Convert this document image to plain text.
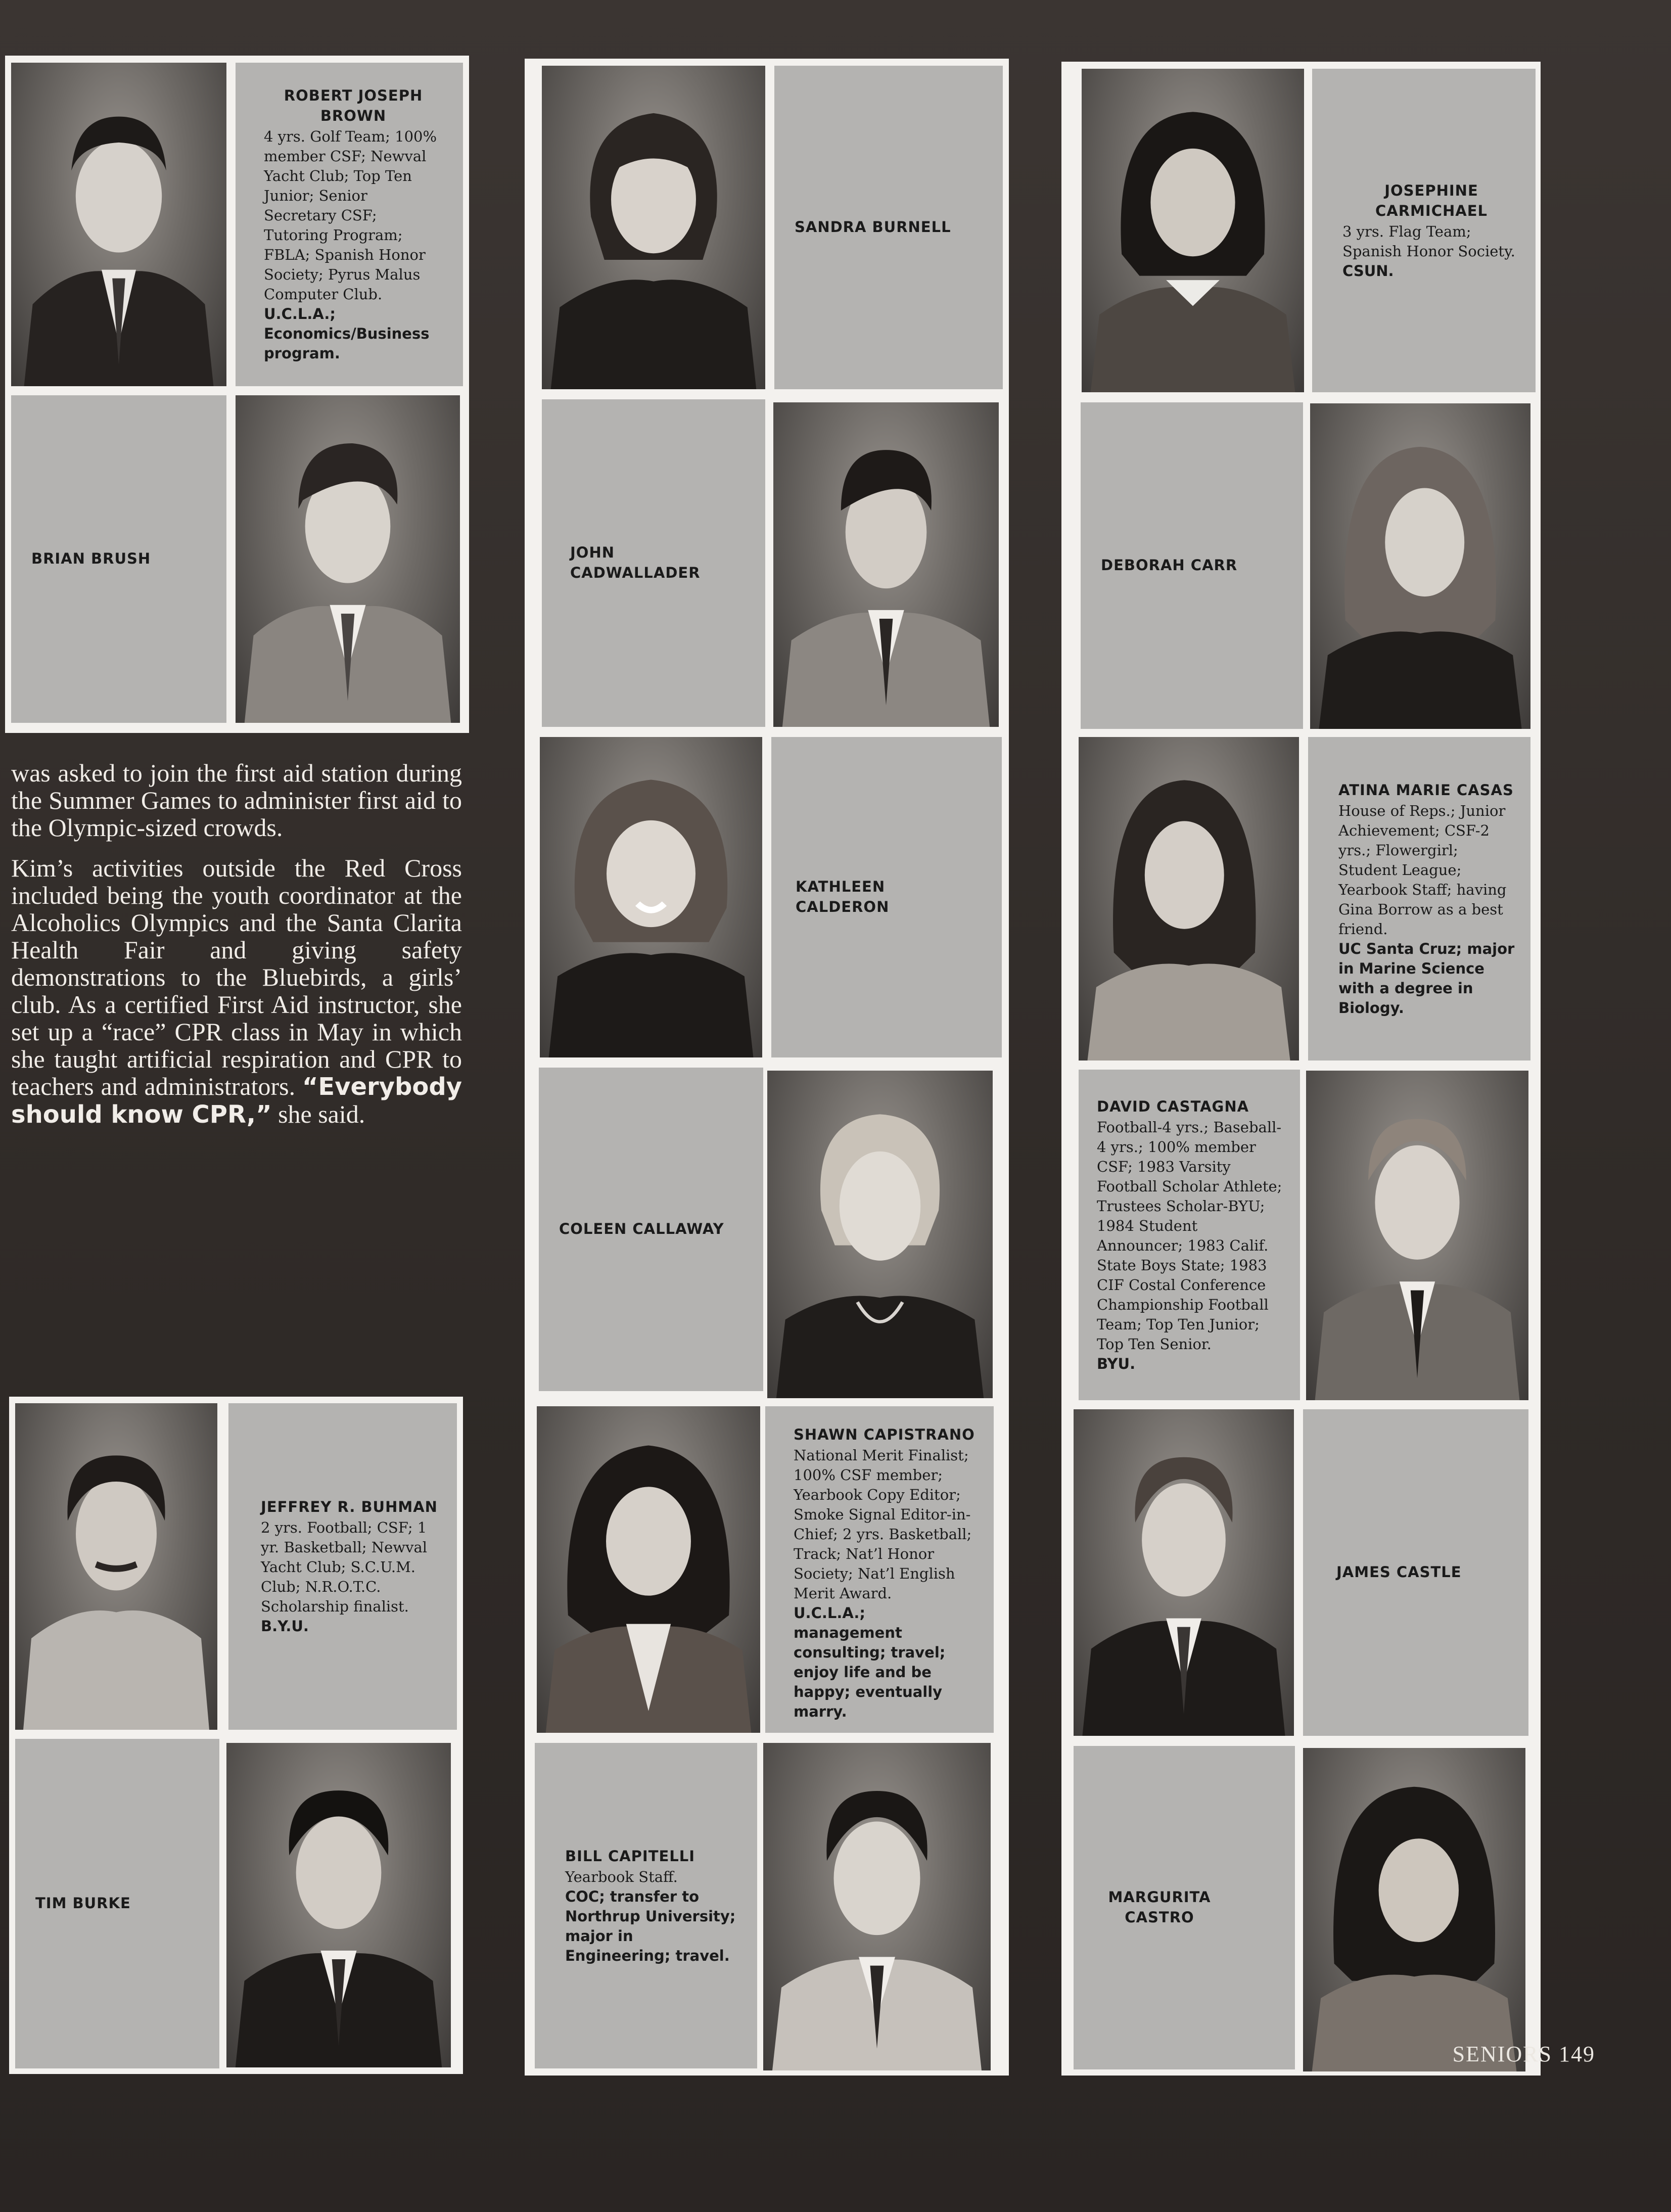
ROBERT JOSEPH BROWN
4 yrs. Golf Team; 100% member CSF; Newval Yacht Club; Top Ten Junior; Senior Secretary CSF; Tutoring Program; FBLA; Spanish Honor Society; Pyrus Malus Computer Club.
U.C.L.A.; Economics/Business program.
BRIAN BRUSH

was asked to join the first aid station during the Summer Games to administer first aid to the Olympic-sized crowds.

Kim’s activities outside the Red Cross included being the youth coordinator at the Alcoholics Olympics and the Santa Clarita Health Fair and giving safety demonstrations to the Bluebirds, a girls’ club. As a certified First Aid instructor, she set up a “race” CPR class in May in which she taught artificial respiration and CPR to teachers and administrators. “Everybody should know CPR,” she said.

JEFFREY R. BUHMAN
2 yrs. Football; CSF; 1 yr. Basketball; Newval Yacht Club; S.C.U.M. Club; N.R.O.T.C. Scholarship finalist.
B.Y.U.
TIM BURKE
SANDRA BURNELL
JOHN CADWALLADER
KATHLEEN CALDERON
COLEEN CALLAWAY
SHAWN CAPISTRANO
National Merit Finalist; 100% CSF member; Yearbook Copy Editor; Smoke Signal Editor-in-Chief; 2 yrs. Basketball; Track; Nat’l Honor Society; Nat’l English Merit Award.
U.C.L.A.; management consulting; travel; enjoy life and be happy; eventually marry.
BILL CAPITELLI
Yearbook Staff.
COC; transfer to Northrup University; major in Engineering; travel.
JOSEPHINE CARMICHAEL
3 yrs. Flag Team; Spanish Honor Society.
CSUN.
DEBORAH CARR
ATINA MARIE CASAS
House of Reps.; Junior Achievement; CSF-2 yrs.; Flowergirl; Student League; Yearbook Staff; having Gina Borrow as a best friend.
UC Santa Cruz; major in Marine Science with a degree in Biology.
DAVID CASTAGNA
Football-4 yrs.; Baseball-4 yrs.; 100% member CSF; 1983 Varsity Football Scholar Athlete; Trustees Scholar-BYU; 1984 Student Announcer; 1983 Calif. State Boys State; 1983 CIF Costal Conference Championship Football Team; Top Ten Junior; Top Ten Senior.
BYU.
JAMES CASTLE
MARGURITA CASTRO
SENIORS 149
